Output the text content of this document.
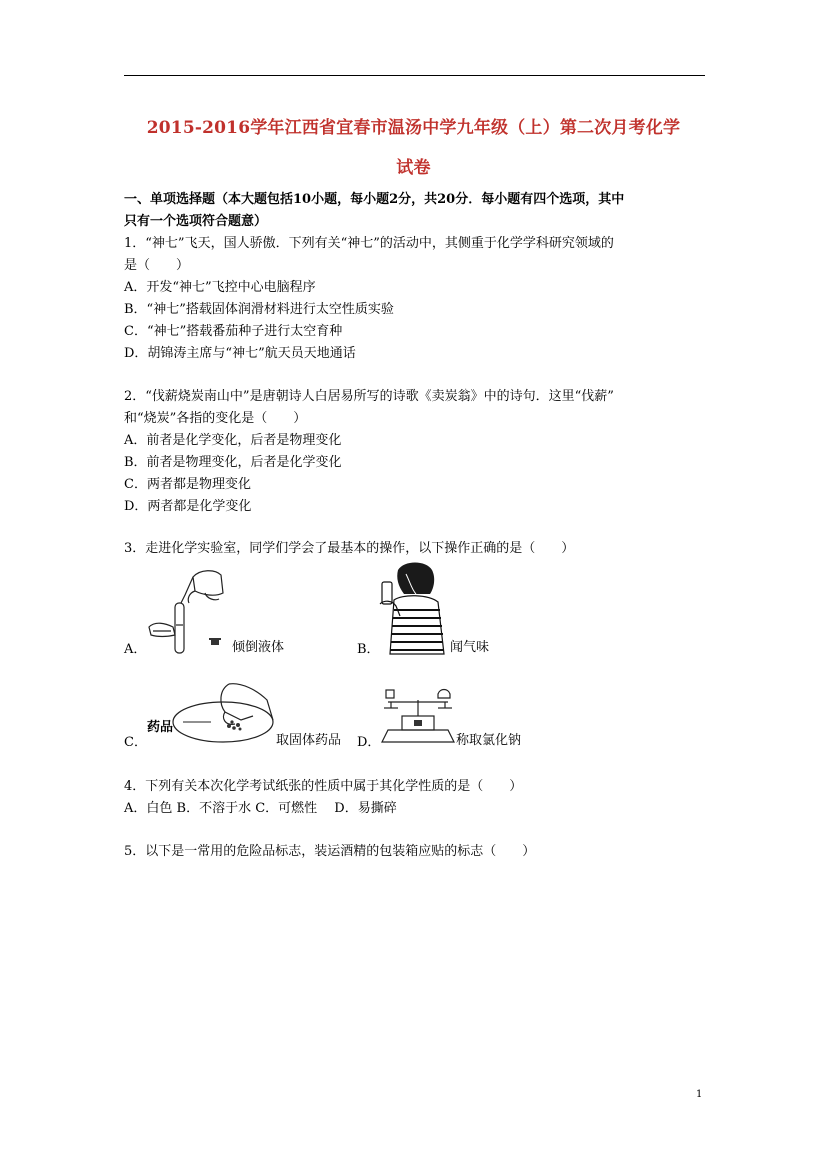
2015-2016学年江西省宜春市温汤中学九年级（上）第二次月考化学
试卷
一、单项选择题（本大题包括10小题，每小题2分，共20分．每小题有四个选项，其中
只有一个选项符合题意）
1．“神七”飞天，国人骄傲．下列有关“神七”的活动中，其侧重于化学学科研究领域的
是（　　）
A．开发“神七”飞控中心电脑程序
B．“神七”搭载固体润滑材料进行太空性质实验
C．“神七”搭载番茄种子进行太空育种
D．胡锦涛主席与“神七”航天员天地通话
2．“伐薪烧炭南山中”是唐朝诗人白居易所写的诗歌《卖炭翁》中的诗句．这里“伐薪”
和“烧炭”各指的变化是（　　）
A．前者是化学变化，后者是物理变化
B．前者是物理变化，后者是化学变化
C．两者都是物理变化
D．两者都是化学变化
3．走进化学实验室，同学们学会了最基本的操作，以下操作正确的是（　　）
A．	倾倒液体	B．	闻气味
C．
药品
取固体药品 D．	称取氯化钠
4．下列有关本次化学考试纸张的性质中属于其化学性质的是（　　）
A．白色 B．不溶于水 C．可燃性　 D．易撕碎
5．以下是一常用的危险品标志，装运酒精的包装箱应贴的标志（　　）
1
